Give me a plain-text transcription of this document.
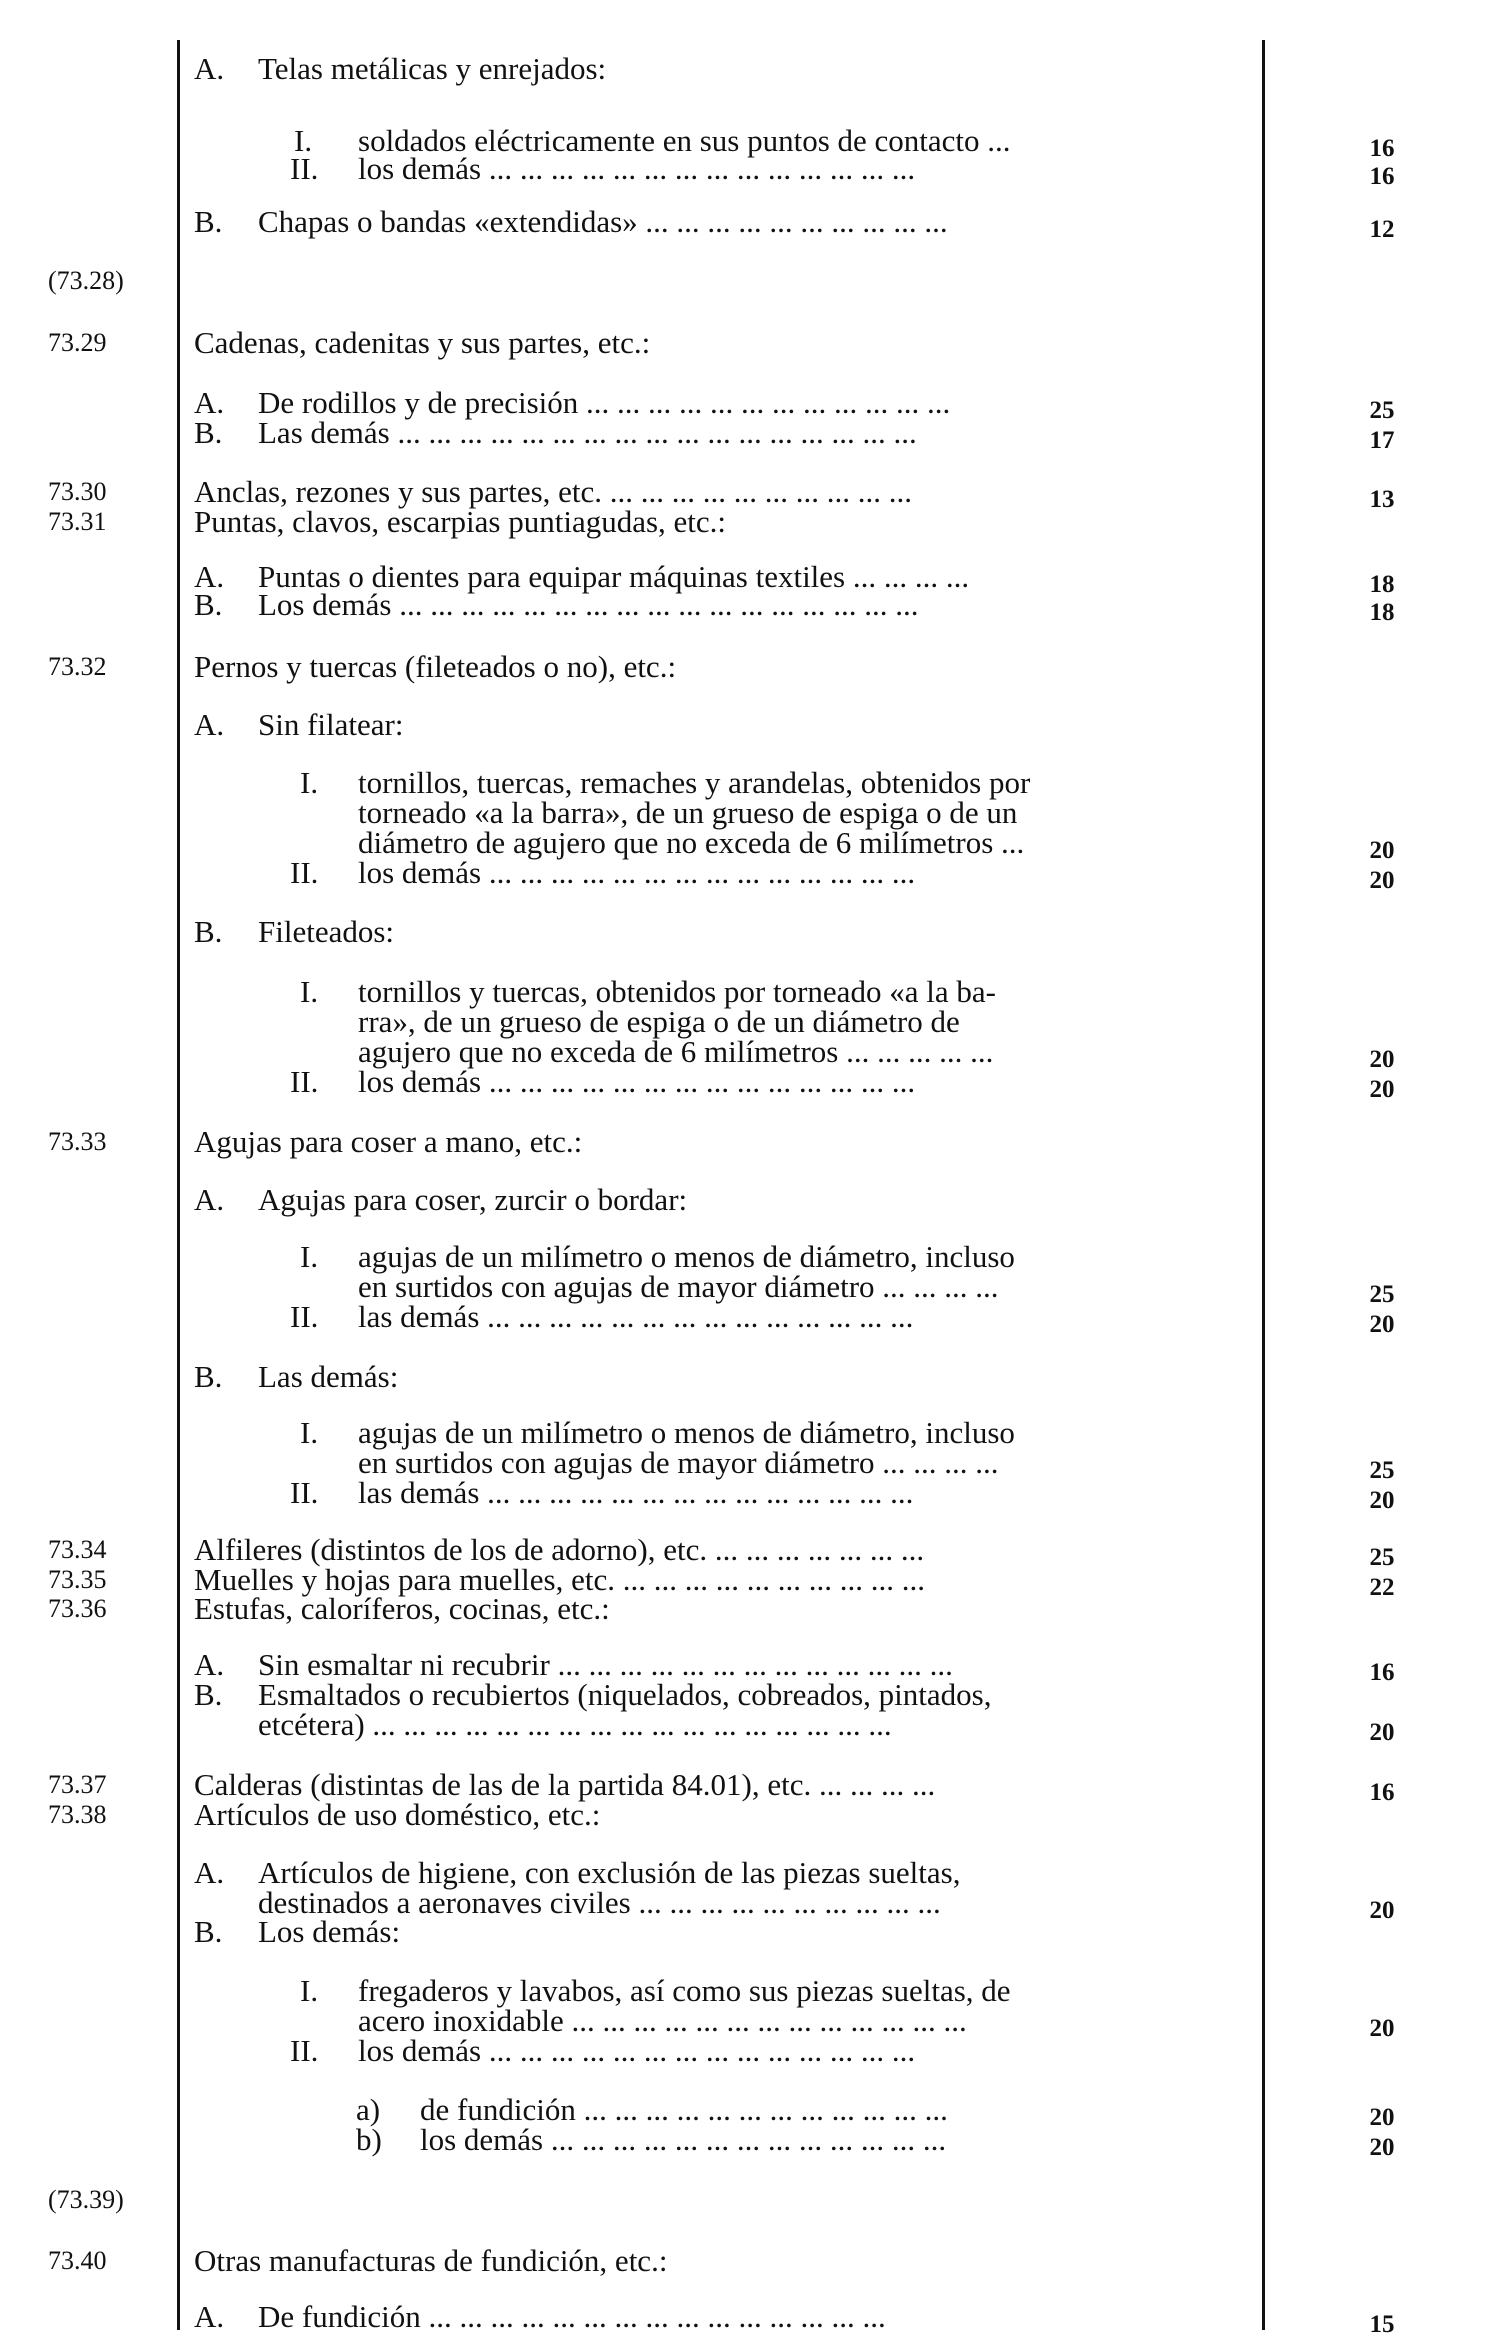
A. Telas metálicas y enrejados:
I. soldados eléctricamente en sus puntos de contacto ...	16
II. los demás ... ... ... ... ... ... ... ... ... ... ... ... ... ...	16
B. Chapas o bandas «extendidas» ... ... ... ... ... ... ... ... ... ...	12
(73.28)
73.29	Cadenas, cadenitas y sus partes, etc.:
A. De rodillos y de precisión ... ... ... ... ... ... ... ... ... ... ... ...	25
B. Las demás ... ... ... ... ... ... ... ... ... ... ... ... ... ... ... ... ...	17
73.30	Anclas, rezones y sus partes, etc. ... ... ... ... ... ... ... ... ... ...	13
73.31	Puntas, clavos, escarpias puntiagudas, etc.:
A. Puntas o dientes para equipar máquinas textiles ... ... ... ...	18
B. Los demás ... ... ... ... ... ... ... ... ... ... ... ... ... ... ... ... ...	18
73.32	Pernos y tuercas (fileteados o no), etc.:
A. Sin filatear:
I. tornillos, tuercas, remaches y arandelas, obtenidos por
torneado «a la barra», de un grueso de espiga o de un
diámetro de agujero que no exceda de 6 milímetros ...	20
II. los demás ... ... ... ... ... ... ... ... ... ... ... ... ... ...	20
B. Fileteados:
I. tornillos y tuercas, obtenidos por torneado «a la ba-
rra», de un grueso de espiga o de un diámetro de
agujero que no exceda de 6 milímetros ... ... ... ... ...	20
II. los demás ... ... ... ... ... ... ... ... ... ... ... ... ... ...	20
73.33	Agujas para coser a mano, etc.:
A. Agujas para coser, zurcir o bordar:
I. agujas de un milímetro o menos de diámetro, incluso
en surtidos con agujas de mayor diámetro ... ... ... ...	25
II. las demás ... ... ... ... ... ... ... ... ... ... ... ... ... ...	20
B. Las demás:
I. agujas de un milímetro o menos de diámetro, incluso
en surtidos con agujas de mayor diámetro ... ... ... ...	25
II. las demás ... ... ... ... ... ... ... ... ... ... ... ... ... ...	20
73.34	Alfileres (distintos de los de adorno), etc. ... ... ... ... ... ... ...	25
73.35	Muelles y hojas para muelles, etc. ... ... ... ... ... ... ... ... ... ...	22
73.36	Estufas, caloríferos, cocinas, etc.:
A. Sin esmaltar ni recubrir ... ... ... ... ... ... ... ... ... ... ... ... ...	16
B. Esmaltados o recubiertos (niquelados, cobreados, pintados,
etcétera) ... ... ... ... ... ... ... ... ... ... ... ... ... ... ... ... ...	20
73.37	Calderas (distintas de las de la partida 84.01), etc. ... ... ... ...	16
73.38	Artículos de uso doméstico, etc.:
A. Artículos de higiene, con exclusión de las piezas sueltas,
destinados a aeronaves civiles ... ... ... ... ... ... ... ... ... ...	20
B. Los demás:
I. fregaderos y lavabos, así como sus piezas sueltas, de
acero inoxidable ... ... ... ... ... ... ... ... ... ... ... ... ...	20
II. los demás ... ... ... ... ... ... ... ... ... ... ... ... ... ...
a) de fundición ... ... ... ... ... ... ... ... ... ... ... ...	20
b) los demás ... ... ... ... ... ... ... ... ... ... ... ... ...	20
(73.39)
73.40	Otras manufacturas de fundición, etc.:
A. De fundición ... ... ... ... ... ... ... ... ... ... ... ... ... ... ...	15
